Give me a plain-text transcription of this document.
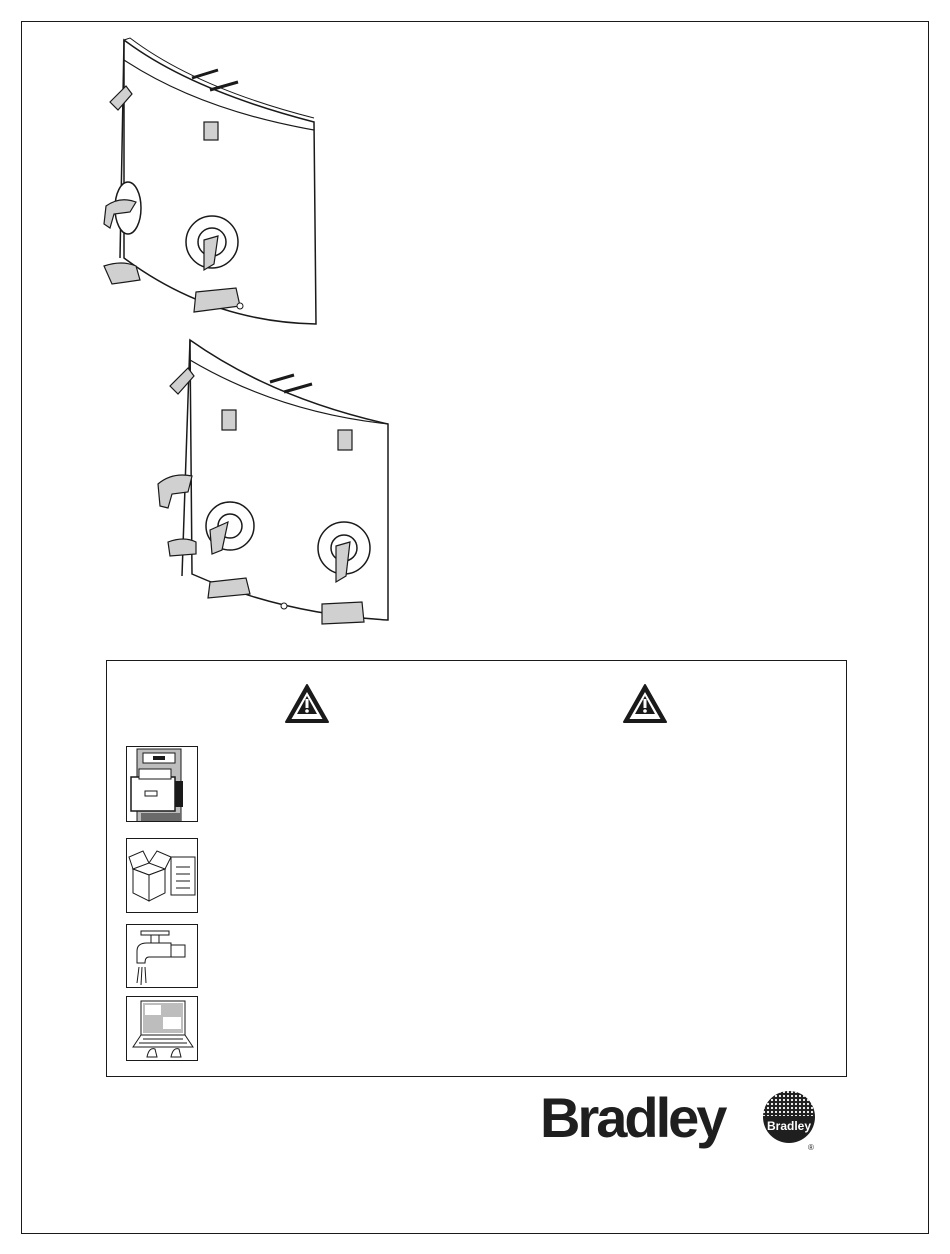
Bradley	Bradley
®
